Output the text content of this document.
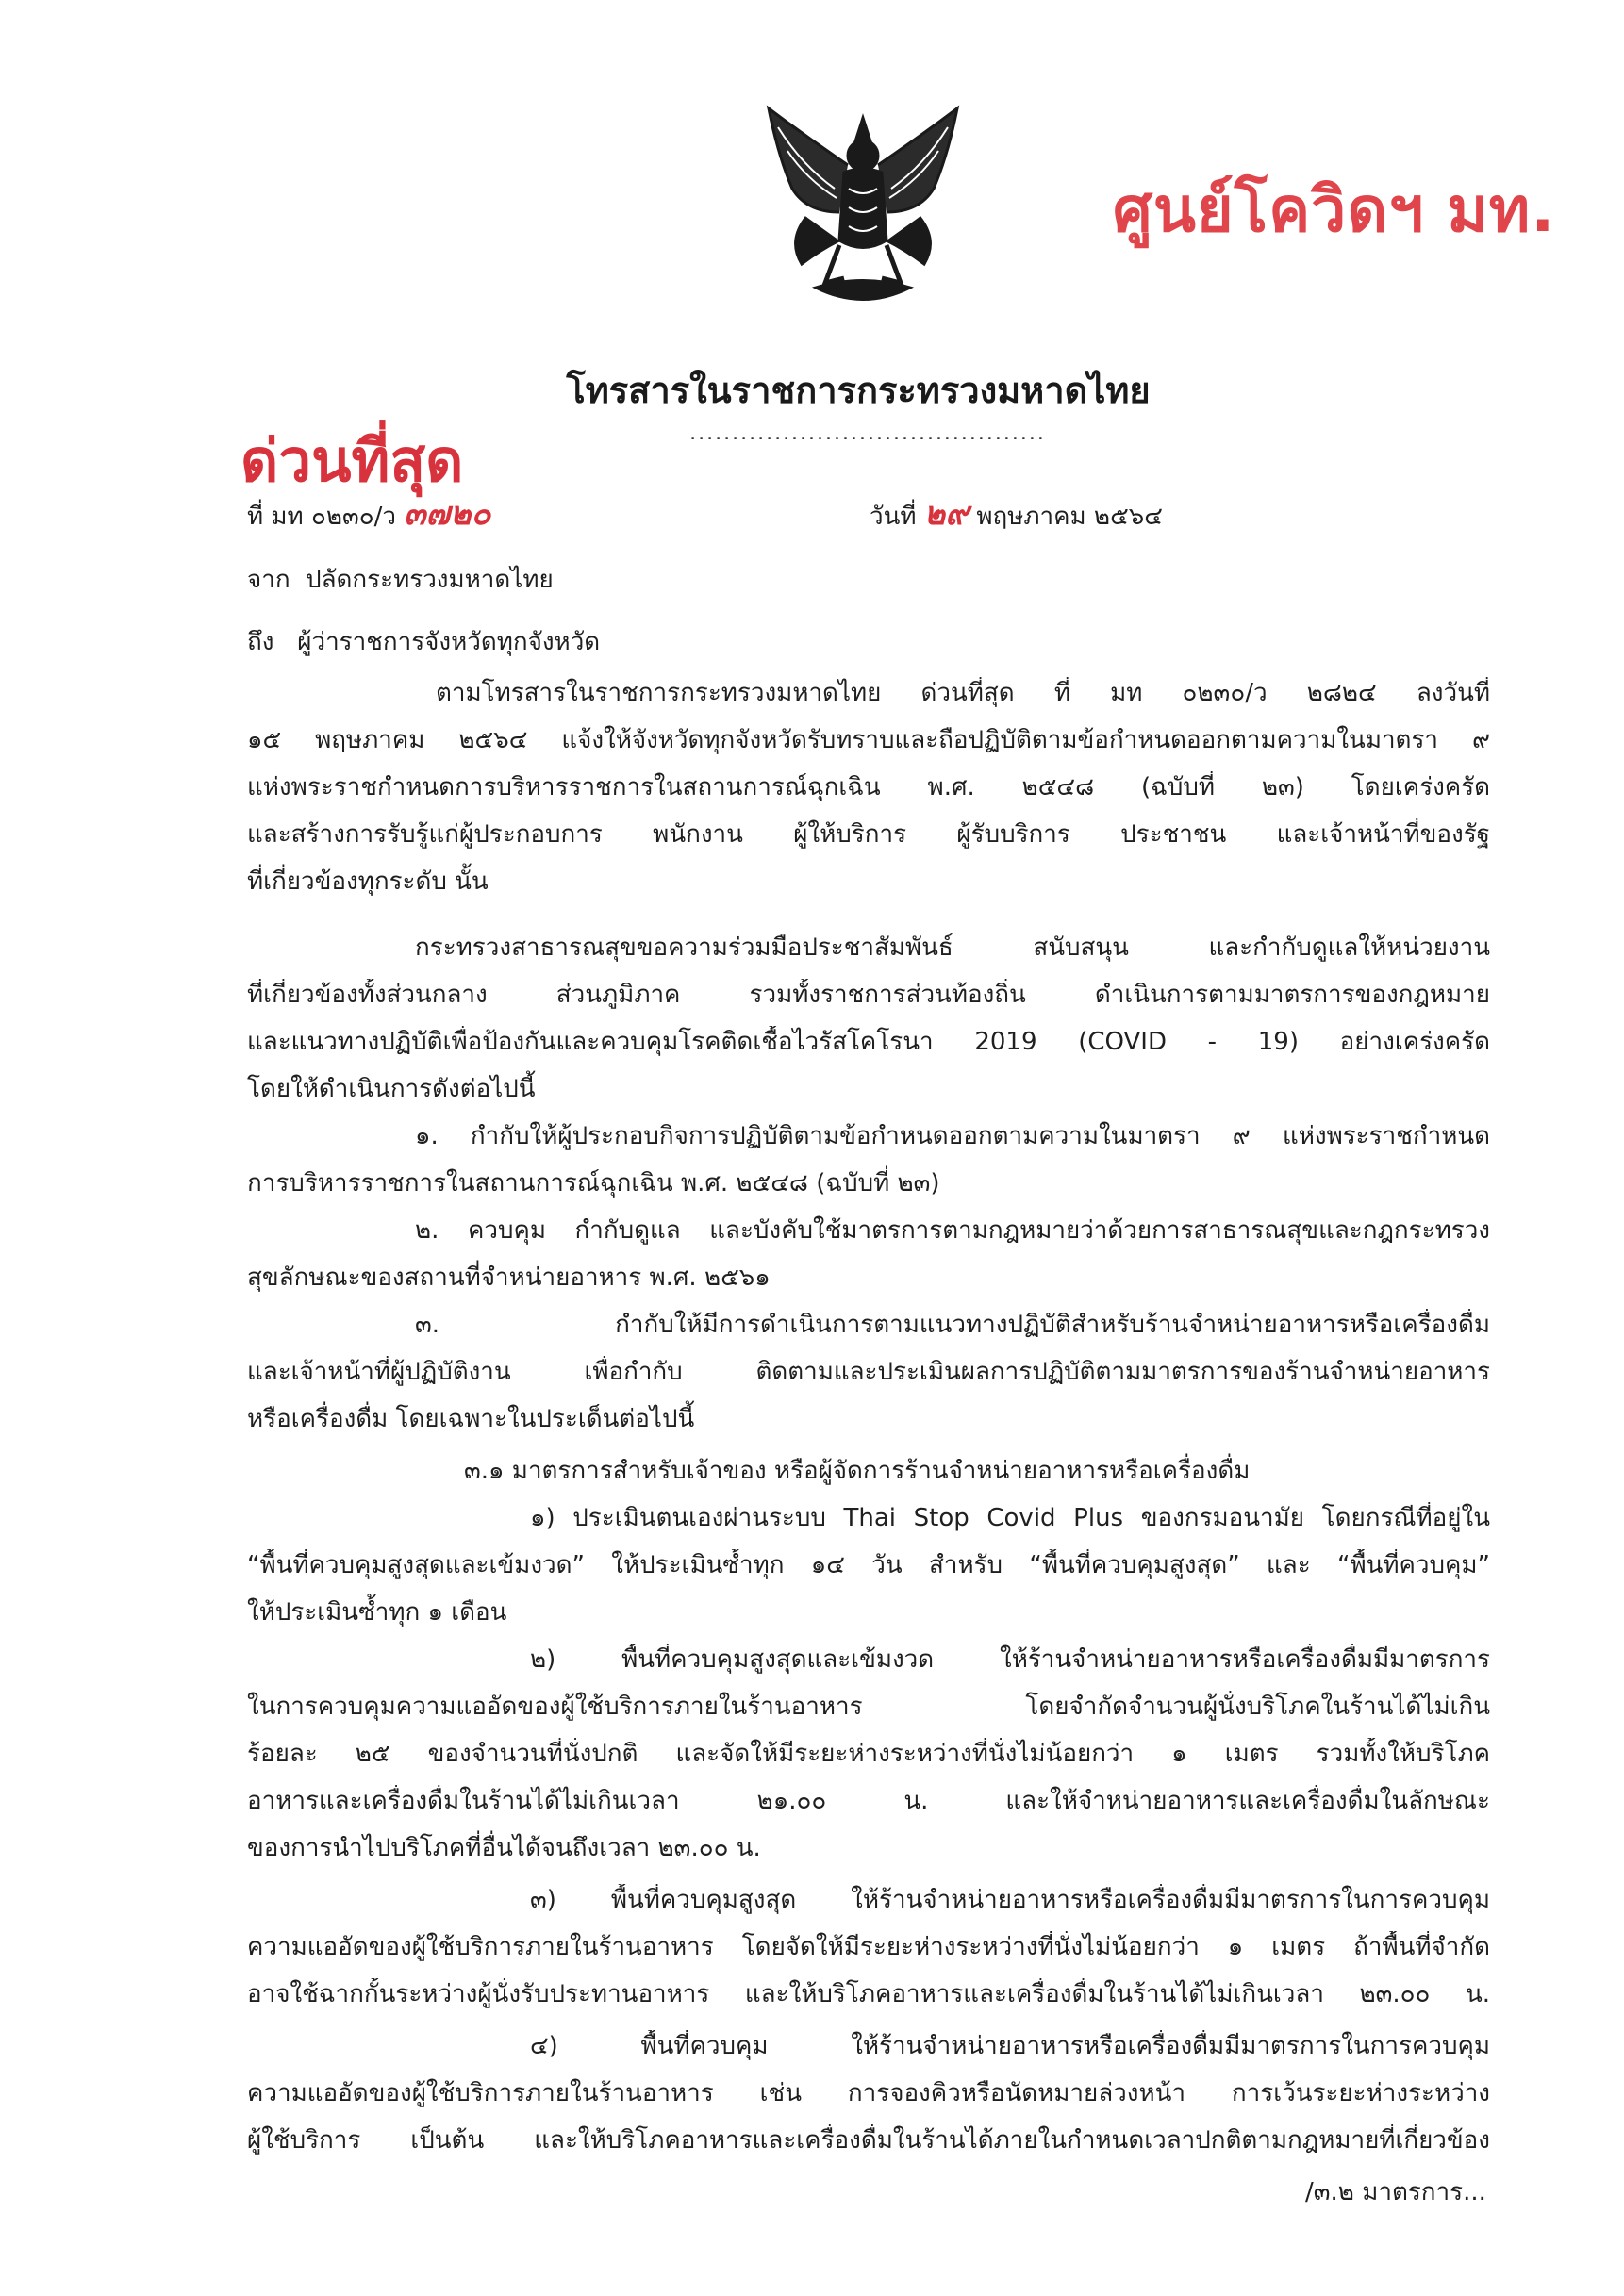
ศูนย์โควิดฯ มท.
โทรสารในราชการกระทรวงมหาดไทย
..........................................
ด่วนที่สุด
ที่ มท ๐๒๓๐/ว ๓๗๒๐	วันที่ ๒๙ พฤษภาคม ๒๕๖๔
จาก ปลัดกระทรวงมหาดไทย
ถึง ผู้ว่าราชการจังหวัดทุกจังหวัด
ตามโทรสารในราชการกระทรวงมหาดไทย ด่วนที่สุด ที่ มท ๐๒๓๐/ว ๒๘๒๔ ลงวันที่
๑๕ พฤษภาคม ๒๕๖๔ แจ้งให้จังหวัดทุกจังหวัดรับทราบและถือปฏิบัติตามข้อกำหนดออกตามความในมาตรา ๙
แห่งพระราชกำหนดการบริหารราชการในสถานการณ์ฉุกเฉิน พ.ศ. ๒๕๔๘ (ฉบับที่ ๒๓) โดยเคร่งครัด
และสร้างการรับรู้แก่ผู้ประกอบการ พนักงาน ผู้ให้บริการ ผู้รับบริการ ประชาชน และเจ้าหน้าที่ของรัฐ
ที่เกี่ยวข้องทุกระดับ นั้น
กระทรวงสาธารณสุขขอความร่วมมือประชาสัมพันธ์ สนับสนุน และกำกับดูแลให้หน่วยงาน
ที่เกี่ยวข้องทั้งส่วนกลาง ส่วนภูมิภาค รวมทั้งราชการส่วนท้องถิ่น ดำเนินการตามมาตรการของกฎหมาย
และแนวทางปฏิบัติเพื่อป้องกันและควบคุมโรคติดเชื้อไวรัสโคโรนา 2019 (COVID - 19) อย่างเคร่งครัด
โดยให้ดำเนินการดังต่อไปนี้
๑. กำกับให้ผู้ประกอบกิจการปฏิบัติตามข้อกำหนดออกตามความในมาตรา ๙ แห่งพระราชกำหนด
การบริหารราชการในสถานการณ์ฉุกเฉิน พ.ศ. ๒๕๔๘ (ฉบับที่ ๒๓)
๒. ควบคุม กำกับดูแล และบังคับใช้มาตรการตามกฎหมายว่าด้วยการสาธารณสุขและกฎกระทรวง
สุขลักษณะของสถานที่จำหน่ายอาหาร พ.ศ. ๒๕๖๑
๓. กำกับให้มีการดำเนินการตามแนวทางปฏิบัติสำหรับร้านจำหน่ายอาหารหรือเครื่องดื่ม
และเจ้าหน้าที่ผู้ปฏิบัติงาน เพื่อกำกับ ติดตามและประเมินผลการปฏิบัติตามมาตรการของร้านจำหน่ายอาหาร
หรือเครื่องดื่ม โดยเฉพาะในประเด็นต่อไปนี้
๓.๑ มาตรการสำหรับเจ้าของ หรือผู้จัดการร้านจำหน่ายอาหารหรือเครื่องดื่ม
๑) ประเมินตนเองผ่านระบบ Thai Stop Covid Plus ของกรมอนามัย โดยกรณีที่อยู่ใน
“พื้นที่ควบคุมสูงสุดและเข้มงวด” ให้ประเมินซ้ำทุก ๑๔ วัน สำหรับ “พื้นที่ควบคุมสูงสุด” และ “พื้นที่ควบคุม”
ให้ประเมินซ้ำทุก ๑ เดือน
๒) พื้นที่ควบคุมสูงสุดและเข้มงวด ให้ร้านจำหน่ายอาหารหรือเครื่องดื่มมีมาตรการ
ในการควบคุมความแออัดของผู้ใช้บริการภายในร้านอาหาร โดยจำกัดจำนวนผู้นั่งบริโภคในร้านได้ไม่เกิน
ร้อยละ ๒๕ ของจำนวนที่นั่งปกติ และจัดให้มีระยะห่างระหว่างที่นั่งไม่น้อยกว่า ๑ เมตร รวมทั้งให้บริโภค
อาหารและเครื่องดื่มในร้านได้ไม่เกินเวลา ๒๑.๐๐ น. และให้จำหน่ายอาหารและเครื่องดื่มในลักษณะ
ของการนำไปบริโภคที่อื่นได้จนถึงเวลา ๒๓.๐๐ น.
๓) พื้นที่ควบคุมสูงสุด ให้ร้านจำหน่ายอาหารหรือเครื่องดื่มมีมาตรการในการควบคุม
ความแออัดของผู้ใช้บริการภายในร้านอาหาร โดยจัดให้มีระยะห่างระหว่างที่นั่งไม่น้อยกว่า ๑ เมตร ถ้าพื้นที่จำกัด
อาจใช้ฉากกั้นระหว่างผู้นั่งรับประทานอาหาร และให้บริโภคอาหารและเครื่องดื่มในร้านได้ไม่เกินเวลา ๒๓.๐๐ น.
๔) พื้นที่ควบคุม ให้ร้านจำหน่ายอาหารหรือเครื่องดื่มมีมาตรการในการควบคุม
ความแออัดของผู้ใช้บริการภายในร้านอาหาร เช่น การจองคิวหรือนัดหมายล่วงหน้า การเว้นระยะห่างระหว่าง
ผู้ใช้บริการ เป็นต้น และให้บริโภคอาหารและเครื่องดื่มในร้านได้ภายในกำหนดเวลาปกติตามกฎหมายที่เกี่ยวข้อง
/๓.๒ มาตรการ...
